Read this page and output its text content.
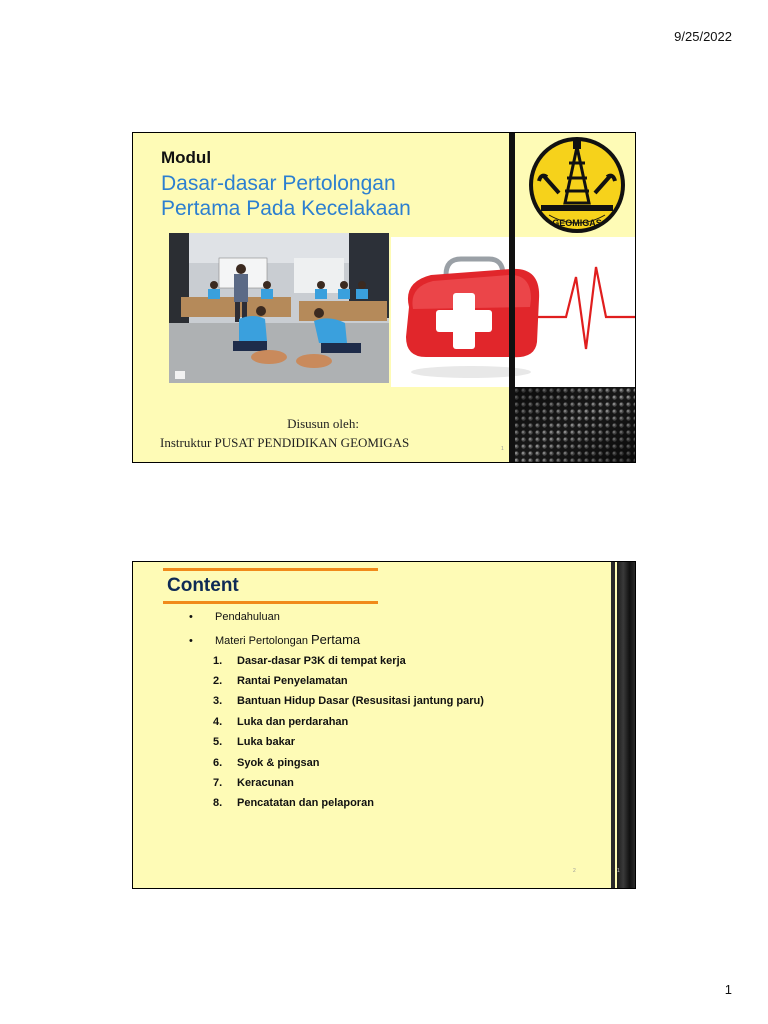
9/25/2022
Modul
Dasar-dasar Pertolongan
Pertama Pada Kecelakaan
GEOMIGAS
Disusun oleh:
Instruktur PUSAT PENDIDIKAN GEOMIGAS	1
Content
• Pendahuluan
• Materi Pertolongan Pertama
1. Dasar-dasar P3K di tempat kerja
2. Rantai Penyelamatan
3. Bantuan Hidup Dasar (Resusitasi jantung paru)
4. Luka dan perdarahan
5. Luka bakar
6. Syok & pingsan
7. Keracunan
8. Pencatatan dan pelaporan
2	1
1
